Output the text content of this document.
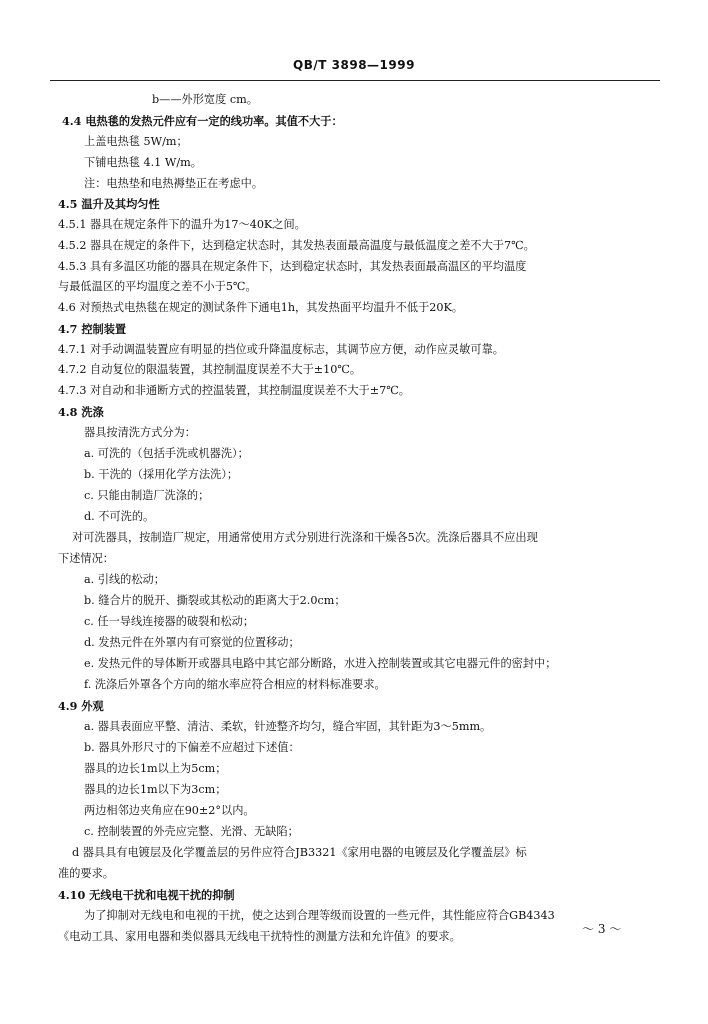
QB/T 3898—1999
b——外形宽度 cm。
4.4 电热毯的发热元件应有一定的线功率。其值不大于：
上盖电热毯 5W/m；
下铺电热毯 4.1 W/m。
注：电热垫和电热褥垫正在考虑中。
4.5 温升及其均匀性
4.5.1 器具在规定条件下的温升为17～40K之间。
4.5.2 器具在规定的条件下，达到稳定状态时，其发热表面最高温度与最低温度之差不大于7℃。
4.5.3 具有多温区功能的器具在规定条件下，达到稳定状态时，其发热表面最高温区的平均温度
与最低温区的平均温度之差不小于5℃。
4.6 对预热式电热毯在规定的测试条件下通电1h，其发热面平均温升不低于20K。
4.7 控制装置
4.7.1 对手动调温装置应有明显的挡位或升降温度标志，其调节应方便，动作应灵敏可靠。
4.7.2 自动复位的限温装置，其控制温度误差不大于±10℃。
4.7.3 对自动和非通断方式的控温装置，其控制温度误差不大于±7℃。
4.8 洗涤
器具按清洗方式分为：
a. 可洗的（包括手洗或机器洗）；
b. 干洗的（採用化学方法洗）；
c. 只能由制造厂洗涤的；
d. 不可洗的。
对可洗器具，按制造厂规定，用通常使用方式分别进行洗涤和干燥各5次。洗涤后器具不应出现
下述情况：
a. 引线的松动；
b. 缝合片的脱开、撕裂或其松动的距离大于2.0cm；
c. 任一导线连接器的破裂和松动；
d. 发热元件在外罩内有可察觉的位置移动；
e. 发热元件的导体断开或器具电路中其它部分断路，水进入控制装置或其它电器元件的密封中；
f. 洗涤后外罩各个方向的缩水率应符合相应的材料标准要求。
4.9 外观
a. 器具表面应平整、清洁、柔软，针迹整齐均匀，缝合牢固，其针距为3～5mm。
b. 器具外形尺寸的下偏差不应超过下述值：
器具的边长1m以上为5cm；
器具的边长1m以下为3cm；
两边相邻边夹角应在90±2°以内。
c. 控制装置的外壳应完整、光滑、无缺陷；
d 器具具有电镀层及化学覆盖层的另件应符合JB3321《家用电器的电镀层及化学覆盖层》标
准的要求。
4.10 无线电干扰和电视干扰的抑制
为了抑制对无线电和电视的干扰，使之达到合理等级而设置的一些元件，其性能应符合GB4343
《电动工具、家用电器和类似器具无线电干扰特性的测量方法和允许值》的要求。
～ 3 ～
